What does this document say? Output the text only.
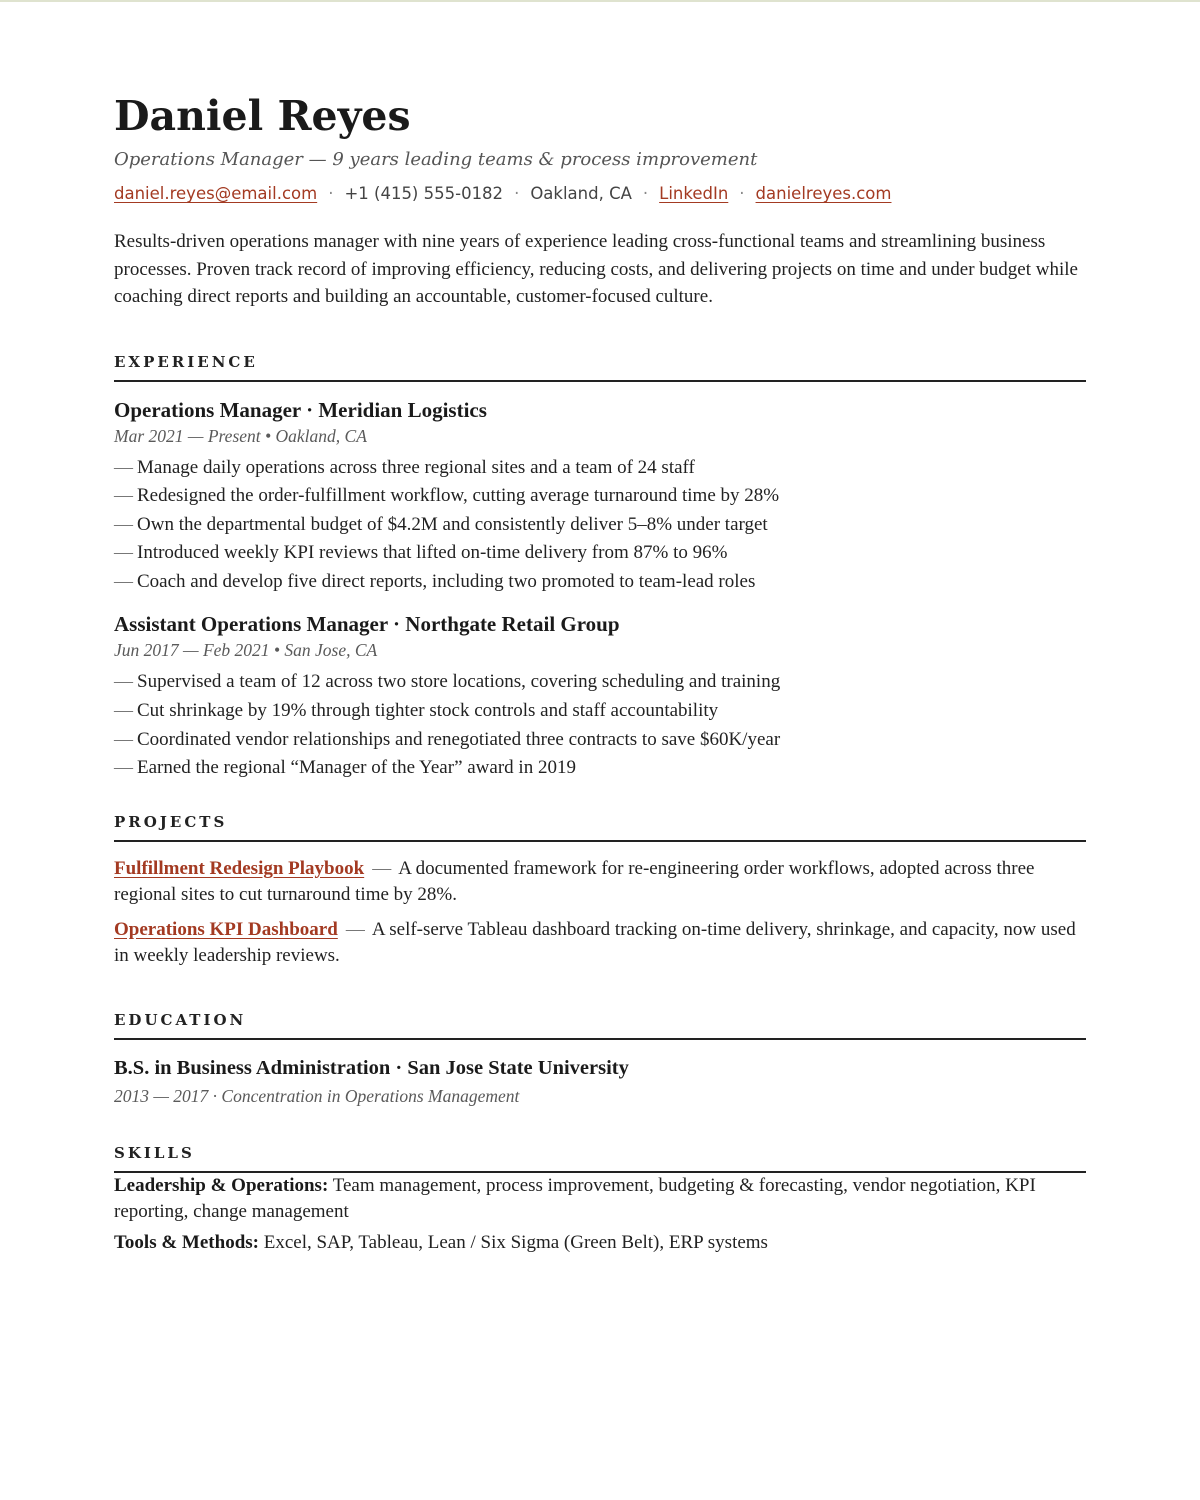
Daniel Reyes
Operations Manager — 9 years leading teams & process improvement
daniel.reyes@email.com · +1 (415) 555-0182 · Oakland, CA · LinkedIn · danielreyes.com

Results-driven operations manager with nine years of experience leading cross-functional teams and streamlining business processes. Proven track record of improving efficiency, reducing costs, and delivering projects on time and under budget while coaching direct reports and building an accountable, customer-focused culture.

EXPERIENCE
Operations Manager · Meridian Logistics
Mar 2021 — Present • Oakland, CA
— Manage daily operations across three regional sites and a team of 24 staff
— Redesigned the order-fulfillment workflow, cutting average turnaround time by 28%
— Own the departmental budget of $4.2M and consistently deliver 5–8% under target
— Introduced weekly KPI reviews that lifted on-time delivery from 87% to 96%
— Coach and develop five direct reports, including two promoted to team-lead roles
Assistant Operations Manager · Northgate Retail Group
Jun 2017 — Feb 2021 • San Jose, CA
— Supervised a team of 12 across two store locations, covering scheduling and training
— Cut shrinkage by 19% through tighter stock controls and staff accountability
— Coordinated vendor relationships and renegotiated three contracts to save $60K/year
— Earned the regional “Manager of the Year” award in 2019
PROJECTS
Fulfillment Redesign Playbook — A documented framework for re-engineering order workflows, adopted across three regional sites to cut turnaround time by 28%.
Operations KPI Dashboard — A self-serve Tableau dashboard tracking on-time delivery, shrinkage, and capacity, now used in weekly leadership reviews.
EDUCATION
B.S. in Business Administration · San Jose State University
2013 — 2017 · Concentration in Operations Management
SKILLS
Leadership & Operations: Team management, process improvement, budgeting & forecasting, vendor negotiation, KPI reporting, change management
Tools & Methods: Excel, SAP, Tableau, Lean / Six Sigma (Green Belt), ERP systems
